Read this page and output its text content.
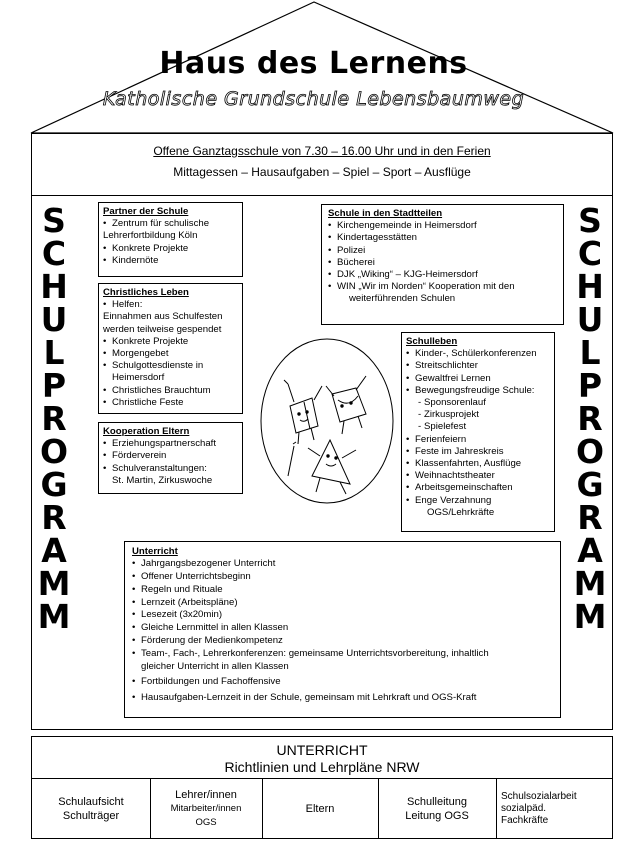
Haus des Lernens
Katholische Grundschule Lebensbaumweg
Offene Ganztagsschule von 7.30 – 16.00 Uhr und in den Ferien
Mittagessen – Hausaufgaben – Spiel – Sport – Ausflüge
S
C
H
U
L
P
R
O
G
R
A
M
M
S
C
H
U
L
P
R
O
G
R
A
M
M
Partner der Schule
• Zentrum für schulische
Lehrerfortbildung Köln
• Konkrete Projekte
• Kindernöte
Christliches Leben
• Helfen:
Einnahmen aus Schulfesten
werden teilweise gespendet
• Konkrete Projekte
• Morgengebet
• Schulgottesdienste in
Heimersdorf
• Christliches Brauchtum
• Christliche Feste
Kooperation Eltern
• Erziehungspartnerschaft
• Förderverein
• Schulveranstaltungen:
St. Martin, Zirkuswoche
Schule in den Stadtteilen
• Kirchengemeinde in Heimersdorf
• Kindertagesstätten
• Polizei
• Bücherei
• DJK „Wiking“ – KJG-Heimersdorf
• WIN „Wir im Norden“ Kooperation mit den
weiterführenden Schulen
Schulleben
• Kinder-, Schülerkonferenzen
• Streitschlichter
• Gewaltfrei Lernen
• Bewegungsfreudige Schule:
- Sponsorenlauf
- Zirkusprojekt
- Spielefest
• Ferienfeiern
• Feste im Jahreskreis
• Klassenfahrten, Ausflüge
• Weihnachtstheater
• Arbeitsgemeinschaften
• Enge Verzahnung
OGS/Lehrkräfte
Unterricht
• Jahrgangsbezogener Unterricht
• Offener Unterrichtsbeginn
• Regeln und Rituale
• Lernzeit (Arbeitspläne)
• Lesezeit (3x20min)
• Gleiche Lernmittel in allen Klassen
• Förderung der Medienkompetenz
• Team-, Fach-, Lehrerkonferenzen: gemeinsame Unterrichtsvorbereitung, inhaltlich
gleicher Unterricht in allen Klassen
• Fortbildungen und Fachoffensive
• Hausaufgaben-Lernzeit in der Schule, gemeinsam mit Lehrkraft und OGS-Kraft
UNTERRICHT
Richtlinien und Lehrpläne NRW
Schulaufsicht
Schulträger
Lehrer/innen
Mitarbeiter/innen
OGS
Eltern
Schulleitung
Leitung OGS
Schulsozialarbeit
sozialpäd.
Fachkräfte
